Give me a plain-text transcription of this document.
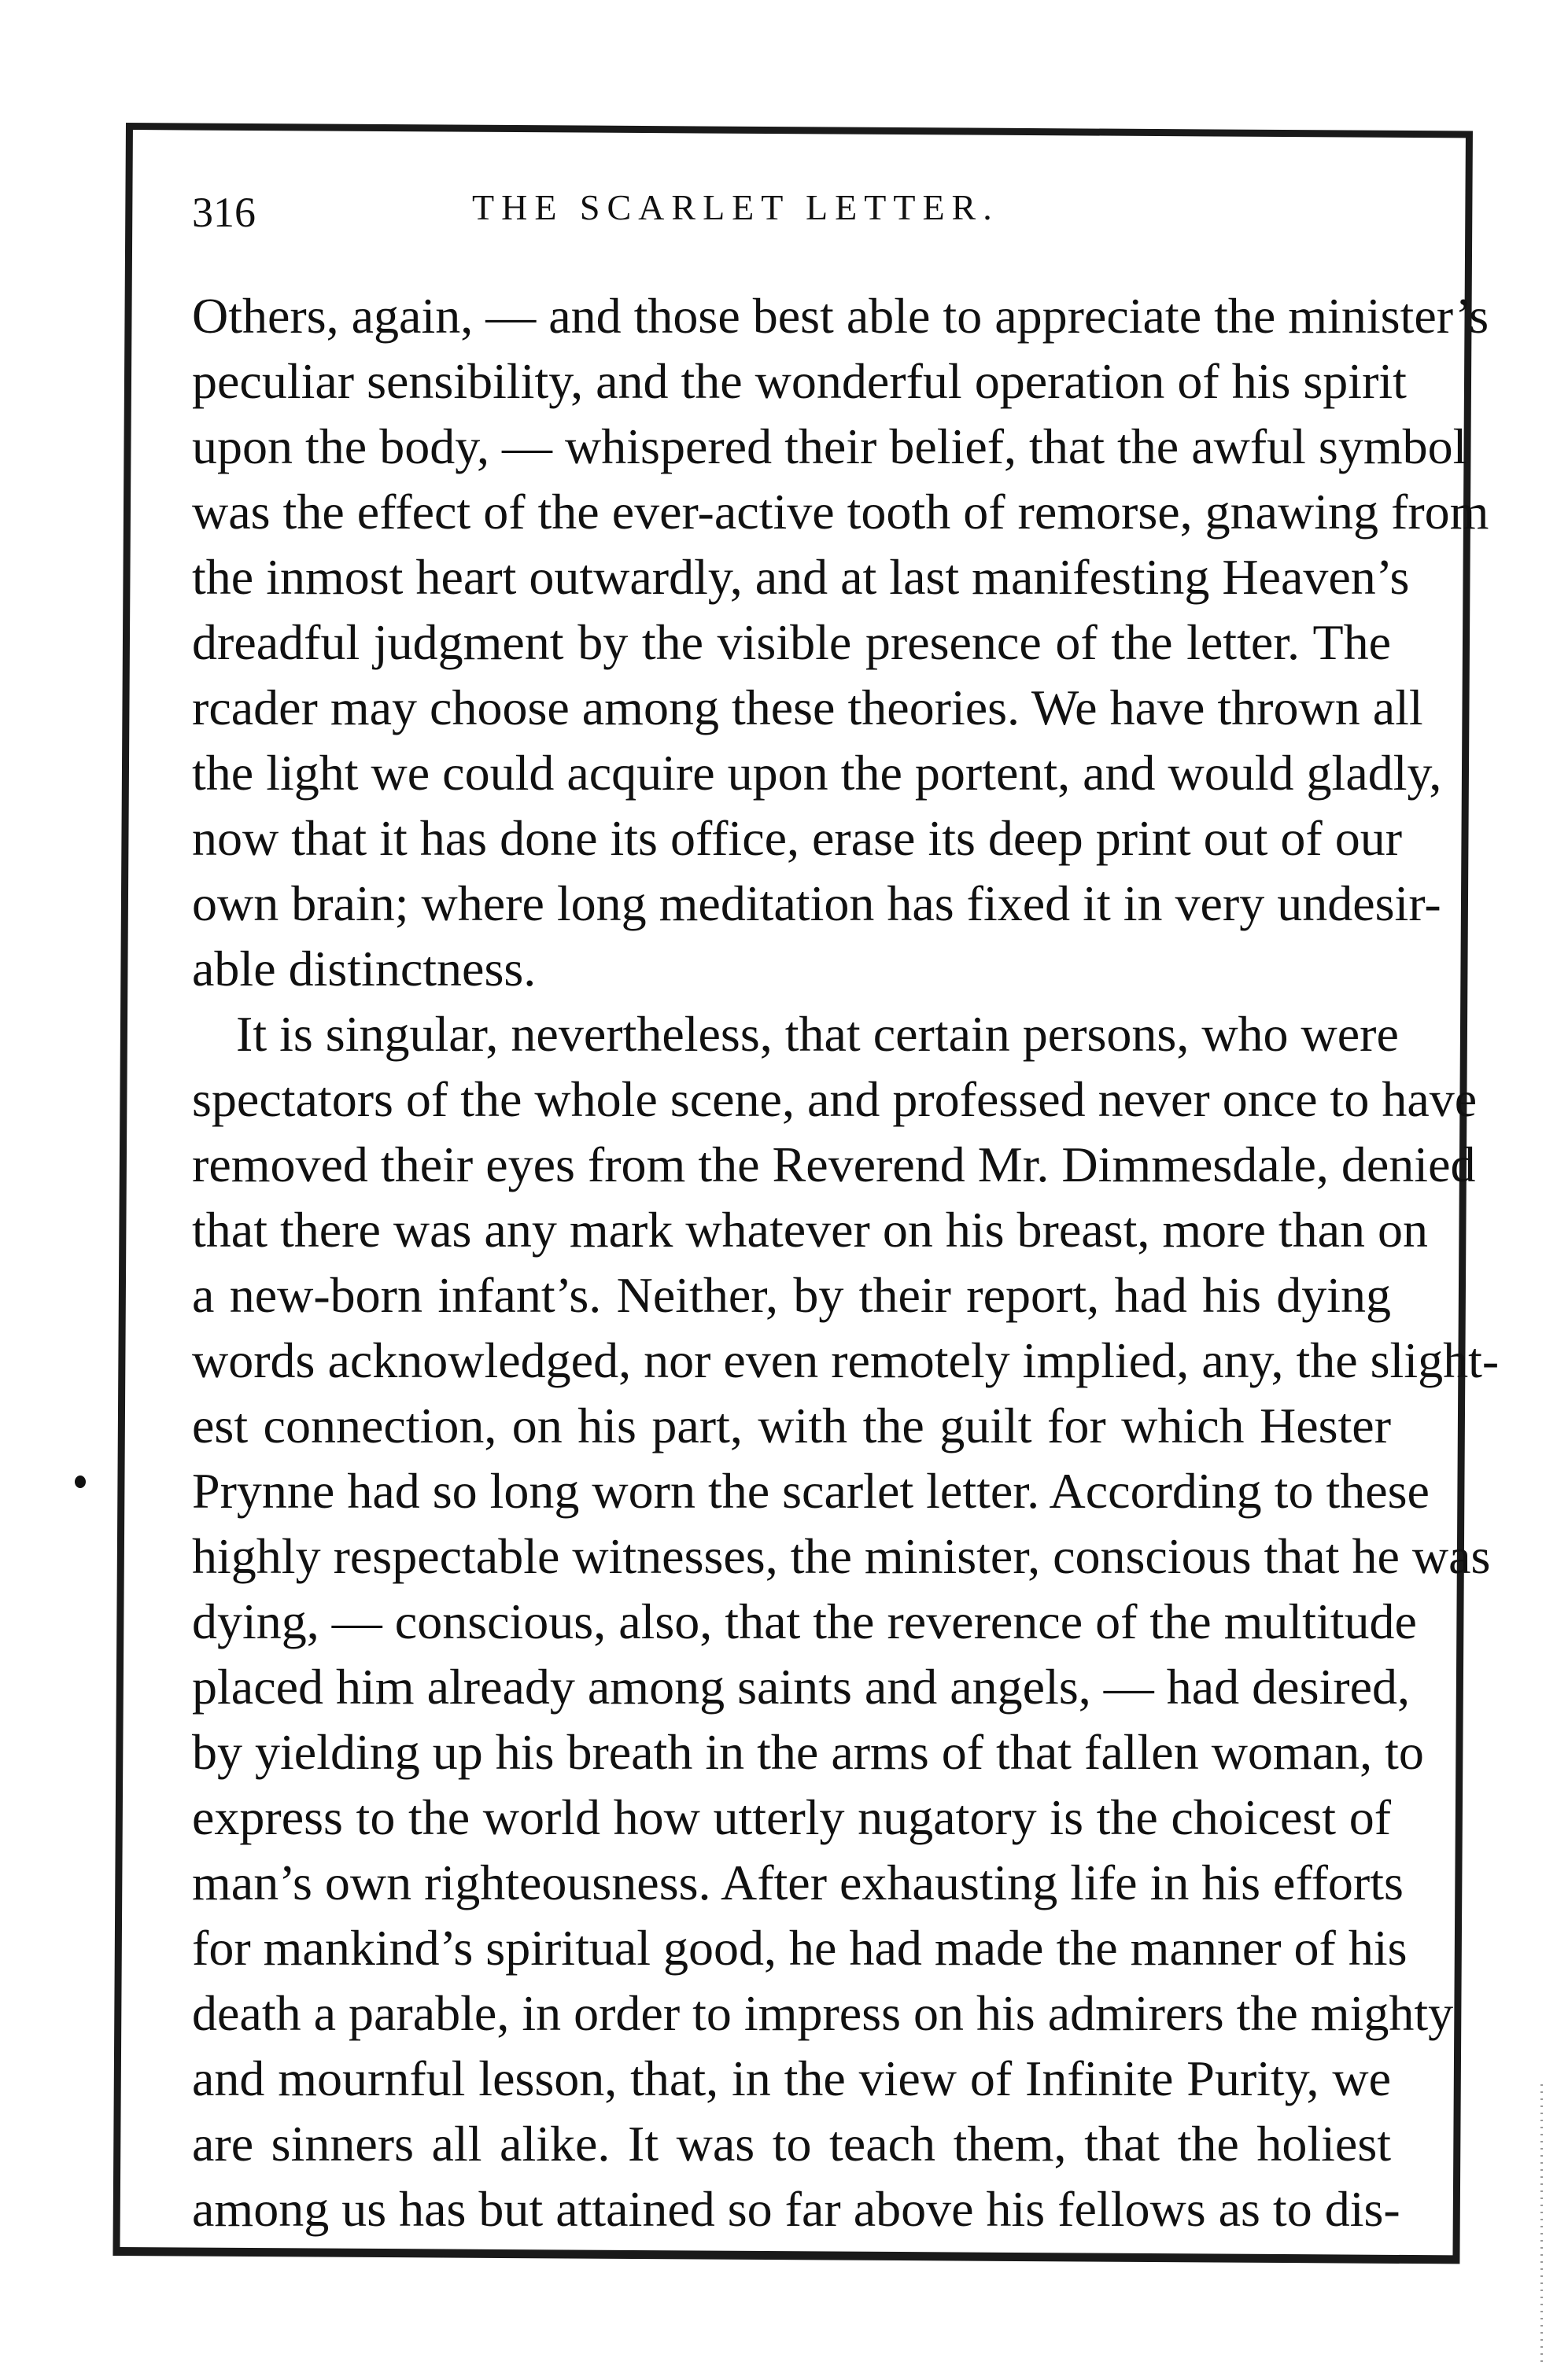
316	THE SCARLET LETTER.
Others, again, — and those best able to appreciate the minister’s
peculiar sensibility, and the wonderful operation of his spirit
upon the body, — whispered their belief, that the awful symbol
was the effect of the ever-active tooth of remorse, gnawing from
the inmost heart outwardly, and at last manifesting Heaven’s
dreadful judgment by the visible presence of the letter. The
rcader may choose among these theories. We have thrown all
the light we could acquire upon the portent, and would gladly,
now that it has done its office, erase its deep print out of our
own brain; where long meditation has fixed it in very undesir-
able distinctness.
It is singular, nevertheless, that certain persons, who were
spectators of the whole scene, and professed never once to have
removed their eyes from the Reverend Mr. Dimmesdale, denied
that there was any mark whatever on his breast, more than on
a new-born infant’s. Neither, by their report, had his dying
words acknowledged, nor even remotely implied, any, the slight-
est connection, on his part, with the guilt for which Hester
Prynne had so long worn the scarlet letter. According to these
highly respectable witnesses, the minister, conscious that he was
dying, — conscious, also, that the reverence of the multitude
placed him already among saints and angels, — had desired,
by yielding up his breath in the arms of that fallen woman, to
express to the world how utterly nugatory is the choicest of
man’s own righteousness. After exhausting life in his efforts
for mankind’s spiritual good, he had made the manner of his
death a parable, in order to impress on his admirers the mighty
and mournful lesson, that, in the view of Infinite Purity, we
are sinners all alike. It was to teach them, that the holiest
among us has but attained so far above his fellows as to dis-
